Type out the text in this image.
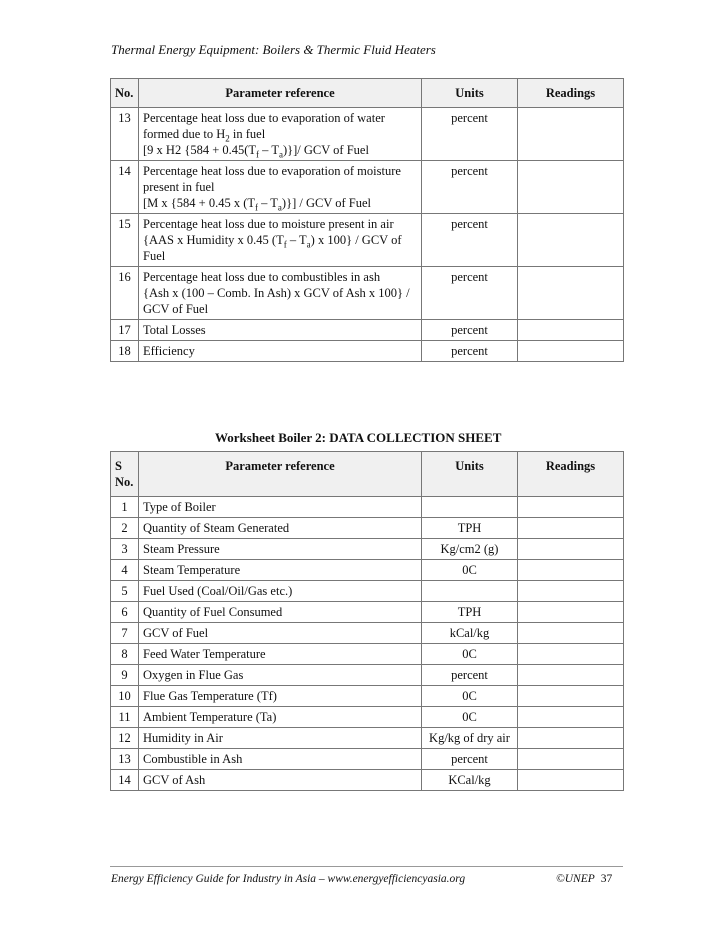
Thermal Energy Equipment: Boilers & Thermic Fluid Heaters
No.	Parameter reference	Units	Readings
13	Percentage heat loss due to evaporation of water formed due to $H_2$ in fuel
[9 x H2 $\{584 + 0.45(T_f - T_a)\}]/$ GCV of Fuel	percent	
14	Percentage heat loss due to evaporation of moisture present in fuel
[M x {584 + 0.45 x $(T_f - T_a)$}] / GCV of Fuel	percent	
15	Percentage heat loss due to moisture present in air
{AAS x Humidity x 0.45 $(T_f - T_a)$ x 100} / GCV of Fuel	percent	
16	Percentage heat loss due to combustibles in ash
{Ash x (100 – Comb. In Ash) x GCV of Ash x 100} / GCV of Fuel	percent	
17	Total Losses	percent	
18	Efficiency	percent	
Worksheet Boiler 2: DATA COLLECTION SHEET
S No.	Parameter reference	Units	Readings
1	Type of Boiler		
2	Quantity of Steam Generated	TPH	
3	Steam Pressure	Kg/cm2 (g)	
4	Steam Temperature	0C	
5	Fuel Used (Coal/Oil/Gas etc.)		
6	Quantity of Fuel Consumed	TPH	
7	GCV of Fuel	kCal/kg	
8	Feed Water Temperature	0C	
9	Oxygen in Flue Gas	percent	
10	Flue Gas Temperature (Tf)	0C	
11	Ambient Temperature (Ta)	0C	
12	Humidity in Air	Kg/kg of dry air	
13	Combustible in Ash	percent	
14	GCV of Ash	KCal/kg	
Energy Efficiency Guide for Industry in Asia – www.energyefficiencyasia.org	©UNEP 37
